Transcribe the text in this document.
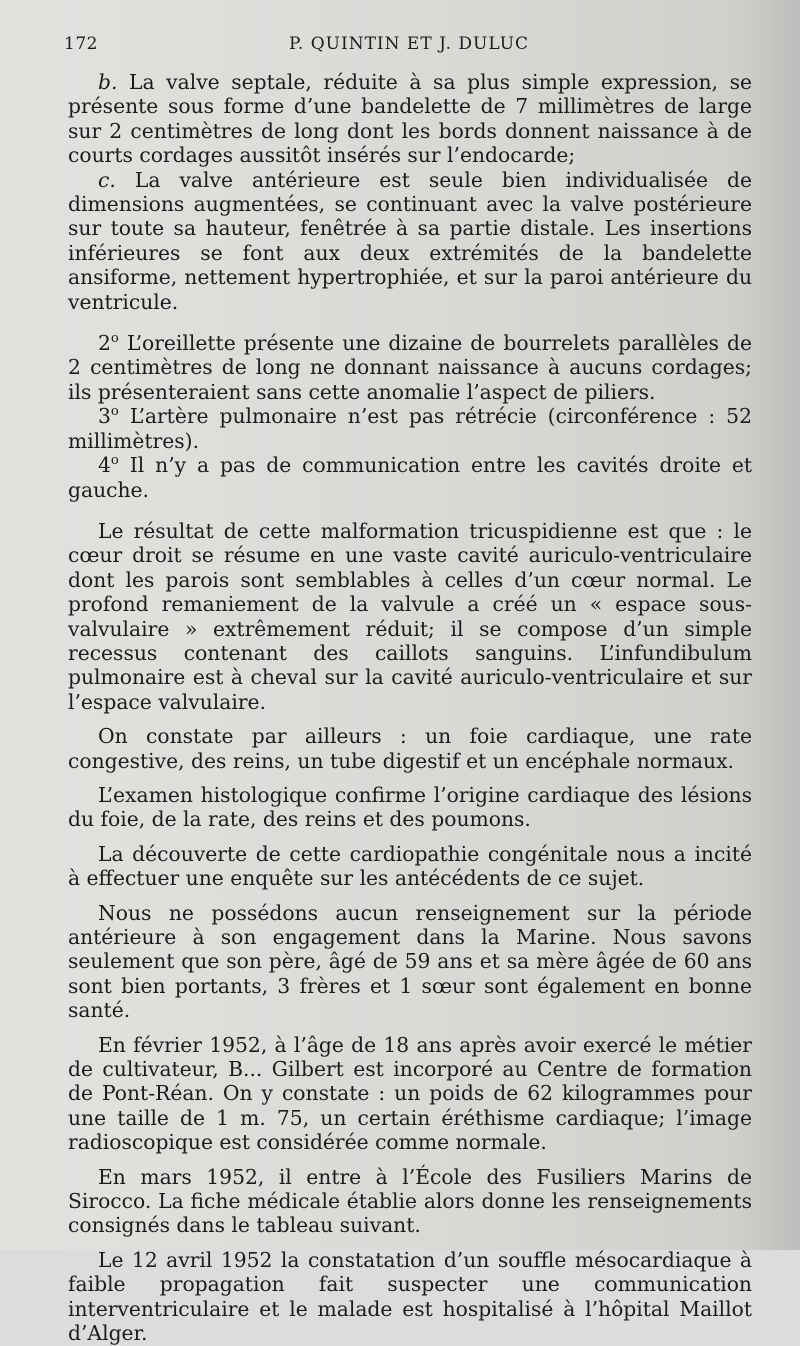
172	P. QUINTIN ET J. DULUC

b. La valve septale, réduite à sa plus simple expression, se présente sous forme d’une bandelette de 7 millimètres de large sur 2 centimètres de long dont les bords donnent naissance à de courts cordages aussitôt insérés sur l’endocarde;

c. La valve antérieure est seule bien individualisée de dimensions augmentées, se continuant avec la valve postérieure sur toute sa hauteur, fenêtrée à sa partie distale. Les insertions inférieures se font aux deux extrémités de la bandelette ansiforme, nettement hypertrophiée, et sur la paroi antérieure du ventricule.

2$^o$ L’oreillette présente une dizaine de bourrelets parallèles de 2 centimètres de long ne donnant naissance à aucuns cordages; ils présenteraient sans cette anomalie l’aspect de piliers.

3$^o$ L’artère pulmonaire n’est pas rétrécie (circonférence : 52 millimètres).

4$^o$ Il n’y a pas de communication entre les cavités droite et gauche.

Le résultat de cette malformation tricuspidienne est que : le cœur droit se résume en une vaste cavité auriculo-ventriculaire dont les parois sont semblables à celles d’un cœur normal. Le profond remaniement de la valvule a créé un « espace sous-valvulaire » extrêmement réduit; il se compose d’un simple recessus contenant des caillots sanguins. L’infundibulum pulmonaire est à cheval sur la cavité auriculo-ventriculaire et sur l’espace valvulaire.

On constate par ailleurs : un foie cardiaque, une rate congestive, des reins, un tube digestif et un encéphale normaux.

L’examen histologique confirme l’origine cardiaque des lésions du foie, de la rate, des reins et des poumons.

La découverte de cette cardiopathie congénitale nous a incité à effectuer une enquête sur les antécédents de ce sujet.

Nous ne possédons aucun renseignement sur la période antérieure à son engagement dans la Marine. Nous savons seulement que son père, âgé de 59 ans et sa mère âgée de 60 ans sont bien portants, 3 frères et 1 sœur sont également en bonne santé.

En février 1952, à l’âge de 18 ans après avoir exercé le métier de cultivateur, B... Gilbert est incorporé au Centre de formation de Pont-Réan. On y constate : un poids de 62 kilogrammes pour une taille de 1 m. 75, un certain éréthisme cardiaque; l’image radioscopique est considérée comme normale.

En mars 1952, il entre à l’École des Fusiliers Marins de Sirocco. La fiche médicale établie alors donne les renseignements consignés dans le tableau suivant.

Le 12 avril 1952 la constatation d’un souffle mésocardiaque à faible propagation fait suspecter une communication interventriculaire et le malade est hospitalisé à l’hôpital Maillot d’Alger.
